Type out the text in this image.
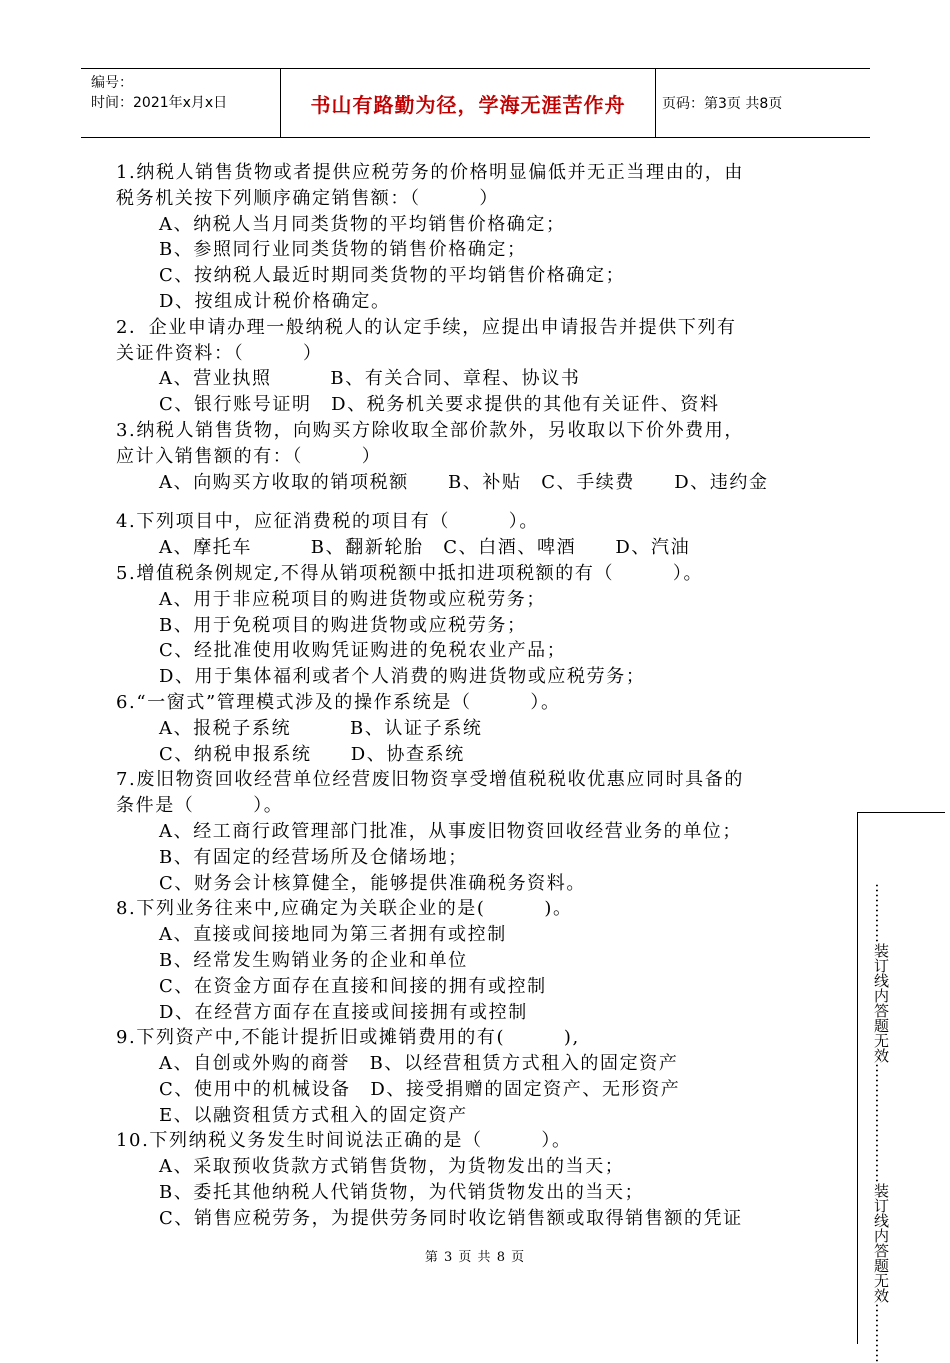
编号：
时间：2021年x月x日	书山有路勤为径，学海无涯苦作舟	页码：第3页 共8页

1.纳税人销售货物或者提供应税劳务的价格明显偏低并无正当理由的，由

税务机关按下列顺序确定销售额：（　　　）

A、纳税人当月同类货物的平均销售价格确定；

B、参照同行业同类货物的销售价格确定；

C、按纳税人最近时期同类货物的平均销售价格确定；

D、按组成计税价格确定。

2．企业申请办理一般纳税人的认定手续，应提出申请报告并提供下列有

关证件资料：（　　　）

A、营业执照　　　B、有关合同、章程、协议书

C、银行账号证明　D、税务机关要求提供的其他有关证件、资料

3.纳税人销售货物，向购买方除收取全部价款外，另收取以下价外费用，

应计入销售额的有：（　　　）

A、向购买方收取的销项税额　　B、补贴　C、手续费　　D、违约金

4.下列项目中，应征消费税的项目有（　　　）。

A、摩托车　　　B、翻新轮胎　C、白酒、啤酒　　D、汽油

5.增值税条例规定,不得从销项税额中抵扣进项税额的有（　　　）。

A、用于非应税项目的购进货物或应税劳务；

B、用于免税项目的购进货物或应税劳务；

C、经批准使用收购凭证购进的免税农业产品；

D、用于集体福利或者个人消费的购进货物或应税劳务；

6.“一窗式”管理模式涉及的操作系统是（　　　）。

A、报税子系统　　　B、认证子系统

C、纳税申报系统　　D、协查系统

7.废旧物资回收经营单位经营废旧物资享受增值税税收优惠应同时具备的

条件是（　　　）。

A、经工商行政管理部门批准，从事废旧物资回收经营业务的单位；

B、有固定的经营场所及仓储场地；

C、财务会计核算健全，能够提供准确税务资料。

8.下列业务往来中,应确定为关联企业的是(　　　)。

A、直接或间接地同为第三者拥有或控制

B、经常发生购销业务的企业和单位

C、在资金方面存在直接和间接的拥有或控制

D、在经营方面存在直接或间接拥有或控制

9.下列资产中,不能计提折旧或摊销费用的有(　　　),

A、自创或外购的商誉　B、以经营租赁方式租入的固定资产

C、使用中的机械设备　D、接受捐赠的固定资产、无形资产

E、以融资租赁方式租入的固定资产

10.下列纳税义务发生时间说法正确的是（　　　）。

A、采取预收货款方式销售货物，为货物发出的当天；

B、委托其他纳税人代销货物，为代销货物发出的当天；

C、销售应税劳务，为提供劳务同时收讫销售额或取得销售额的凭证

第 3 页 共 8 页
…………装订线内答题无效…………
…………装订线内答题无效…………
